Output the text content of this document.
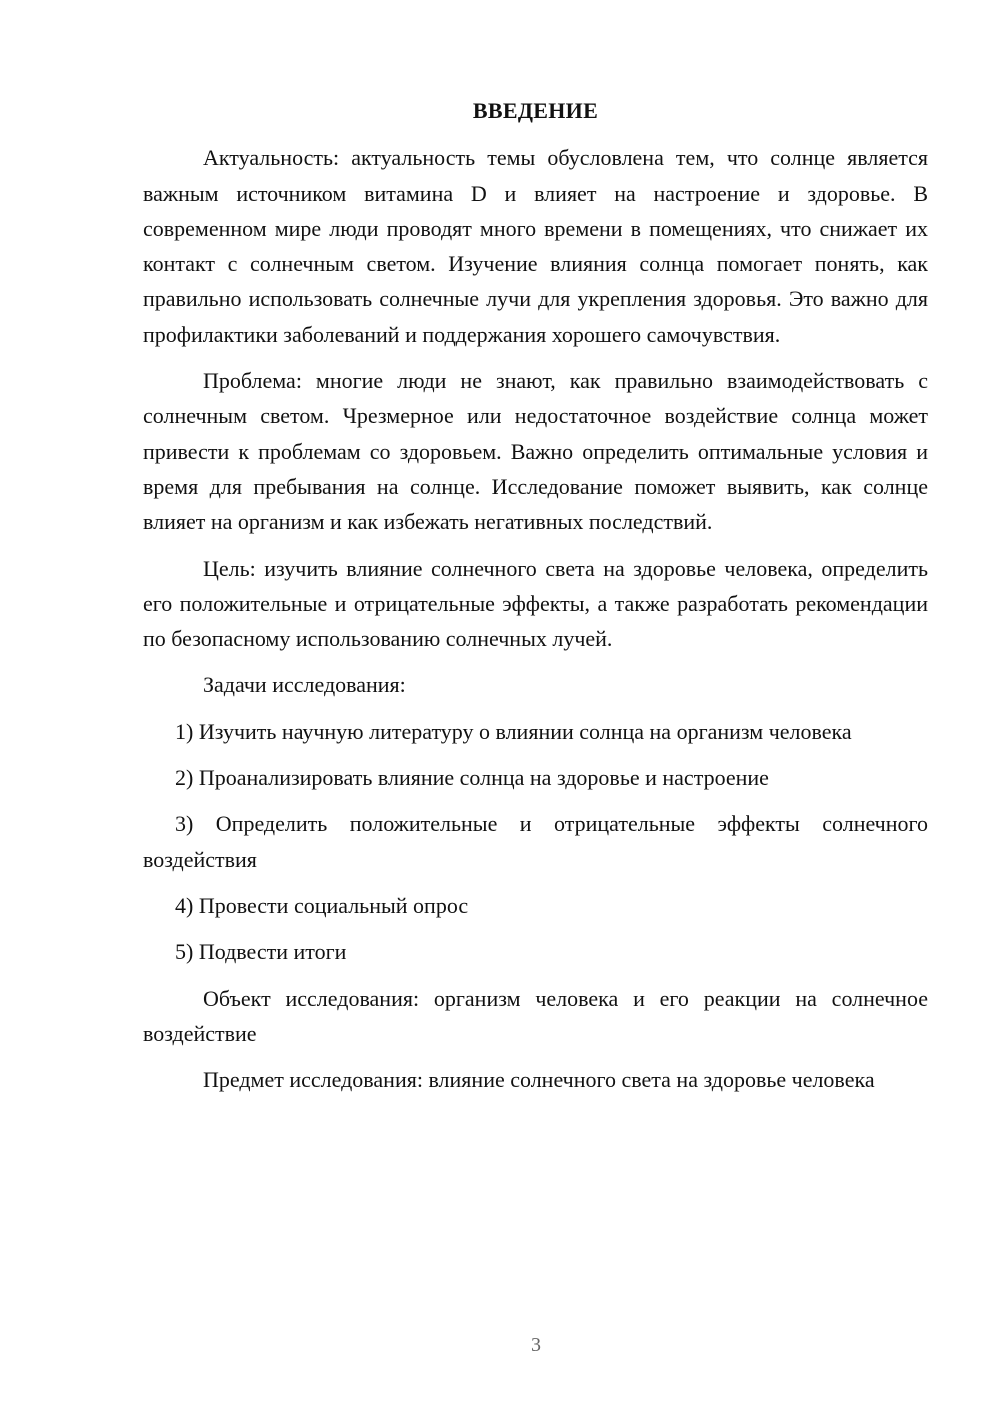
ВВЕДЕНИЕ

Актуальность: актуальность темы обусловлена тем, что солнце является важным источником витамина D и влияет на настроение и здоровье. В современном мире люди проводят много времени в помещениях, что снижает их контакт с солнечным светом. Изучение влияния солнца помогает понять, как правильно использовать солнечные лучи для укрепления здоровья. Это важно для профилактики заболеваний и поддержания хорошего самочувствия.

Проблема: многие люди не знают, как правильно взаимодействовать с солнечным светом. Чрезмерное или недостаточное воздействие солнца может привести к проблемам со здоровьем. Важно определить оптимальные условия и время для пребывания на солнце. Исследование поможет выявить, как солнце влияет на организм и как избежать негативных последствий.

Цель: изучить влияние солнечного света на здоровье человека, определить его положительные и отрицательные эффекты, а также разработать рекомендации по безопасному использованию солнечных лучей.

Задачи исследования:

1) Изучить научную литературу о влиянии солнца на организм человека

2) Проанализировать влияние солнца на здоровье и настроение

3) Определить положительные и отрицательные эффекты солнечного воздействия

4) Провести социальный опрос

5) Подвести итоги

Объект исследования: организм человека и его реакции на солнечное воздействие

Предмет исследования: влияние солнечного света на здоровье человека

3
